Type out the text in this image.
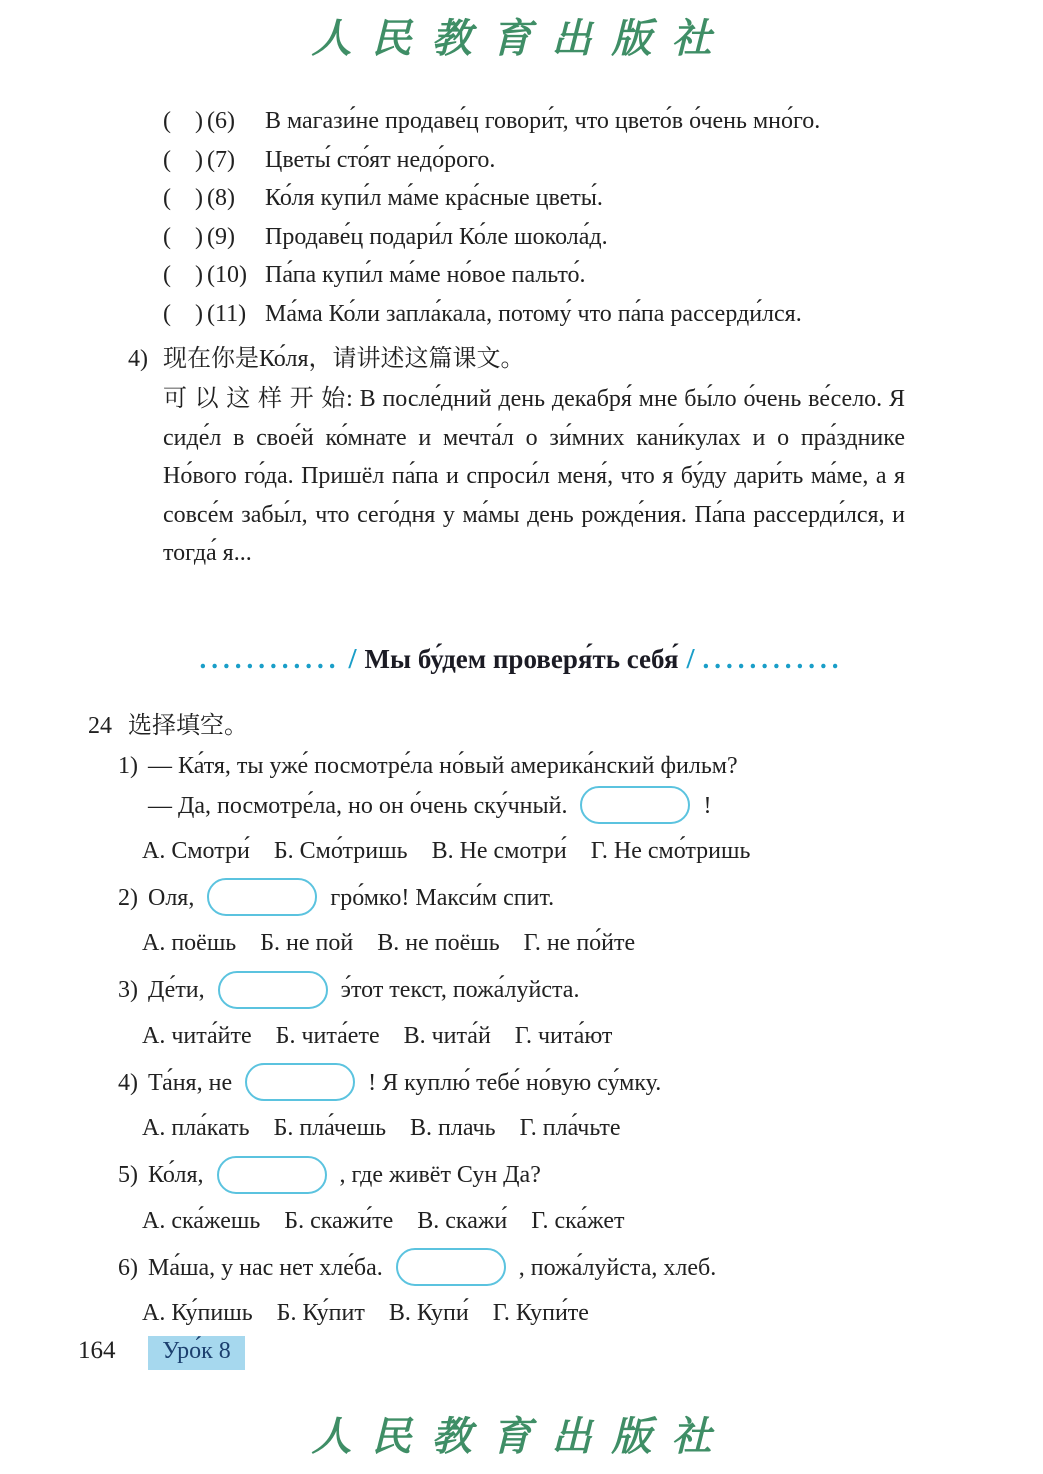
人民教育出版社
( ) (6) В магази́не продаве́ц говори́т, что цвето́в о́чень мно́го.
( ) (7) Цветы́ сто́ят недо́рого.
( ) (8) Ко́ля купи́л ма́ме кра́сные цветы́.
( ) (9) Продаве́ц подари́л Ко́ле шокола́д.
( ) (10) Па́па купи́л ма́ме но́вое пальто́.
( ) (11) Ма́ма Ко́ли запла́кала, потому́ что па́па рассерди́лся.
4) 现在你是Ко́ля，请讲述这篇课文。
可 以 这 样 开 始: В после́дний день декабря́ мне бы́ло о́чень ве́село. Я сиде́л в свое́й ко́мнате и мечта́л о зи́мних кани́кулах и о пра́зднике Но́вого го́да. Пришёл па́па и спроси́л меня́, что я бу́ду дари́ть ма́ме, а я совсе́м забы́л, что сего́дня у ма́мы день рожде́ния. Па́па рассерди́лся, и тогда́ я...
............ / Мы бу́дем проверя́ть себя́ / ............
24 选择填空。
1) — Ка́тя, ты уже́ посмотре́ла но́вый америка́нский фильм?
— Да, посмотре́ла, но он о́чень ску́чный.	!
А. Смотри́ Б. Смо́тришь В. Не смотри́ Г. Не смо́тришь
2) Оля,	гро́мко! Макси́м спит.
А. поёшь Б. не пой В. не поёшь Г. не по́йте
3) Де́ти,	э́тот текст, пожа́луйста.
А. чита́йте Б. чита́ете В. чита́й Г. чита́ют
4) Та́ня, не	! Я куплю́ тебе́ но́вую су́мку.
А. пла́кать Б. пла́чешь В. плачь Г. пла́чьте
5) Ко́ля,	, где живёт Сун Да?
А. ска́жешь Б. скажи́те В. скажи́ Г. ска́жет
6) Ма́ша, у нас нет хле́ба.	, пожа́луйста, хлеб.
А. Ку́пишь Б. Ку́пит В. Купи́ Г. Купи́те
164 Уро́к 8
人民教育出版社
